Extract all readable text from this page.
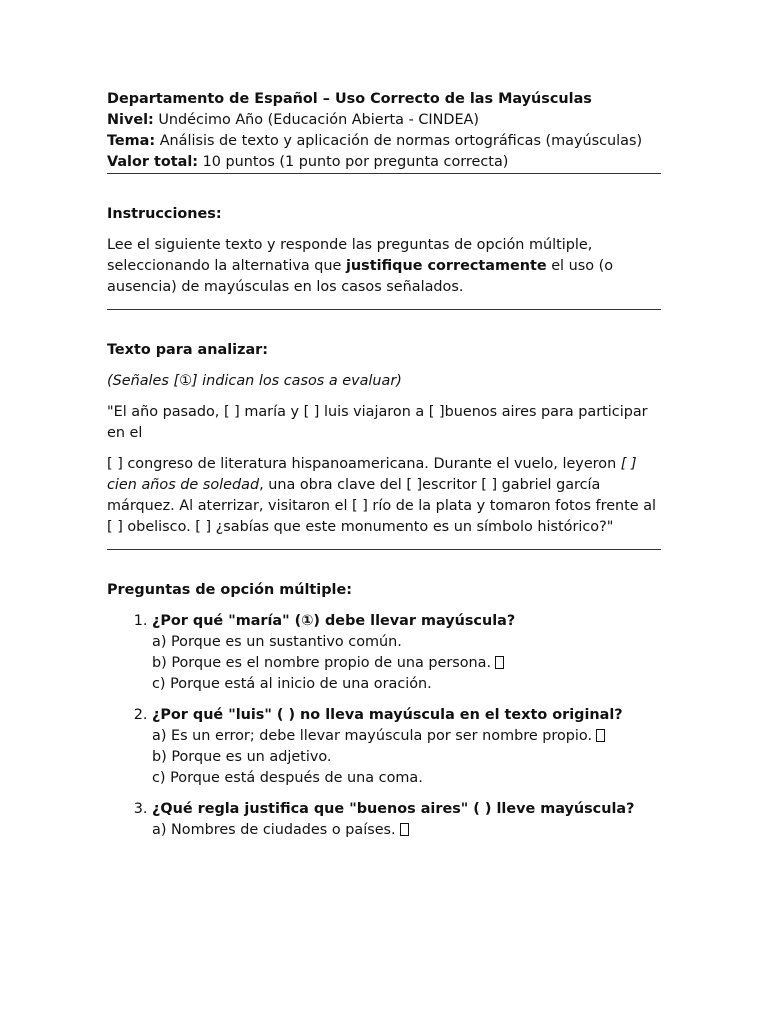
Departamento de Español – Uso Correcto de las Mayúsculas

Nivel: Undécimo Año (Educación Abierta - CINDEA)

Tema: Análisis de texto y aplicación de normas ortográficas (mayúsculas)

Valor total: 10 puntos (1 punto por pregunta correcta)

Instrucciones:

Lee el siguiente texto y responde las preguntas de opción múltiple, seleccionando la alternativa que justifique correctamente el uso (o ausencia) de mayúsculas en los casos señalados.

Texto para analizar:

(Señales [①] indican los casos a evaluar)

"El año pasado, [ ] maría y [ ] luis viajaron a [ ]buenos aires para participar en el

[ ] congreso de literatura hispanoamericana. Durante el vuelo, leyeron [ ] cien años de soledad, una obra clave del [ ]escritor [ ] gabriel garcía márquez. Al aterrizar, visitaron el [ ] río de la plata y tomaron fotos frente al [ ] obelisco. [ ] ¿sabías que este monumento es un símbolo histórico?"

Preguntas de opción múltiple:

1. ¿Por qué "maría" (①) debe llevar mayúscula?
a) Porque es un sustantivo común.
b) Porque es el nombre propio de una persona.
c) Porque está al inicio de una oración.
2. ¿Por qué "luis" ( ) no lleva mayúscula en el texto original?
a) Es un error; debe llevar mayúscula por ser nombre propio.
b) Porque es un adjetivo.
c) Porque está después de una coma.
3. ¿Qué regla justifica que "buenos aires" ( ) lleve mayúscula?
a) Nombres de ciudades o países.
